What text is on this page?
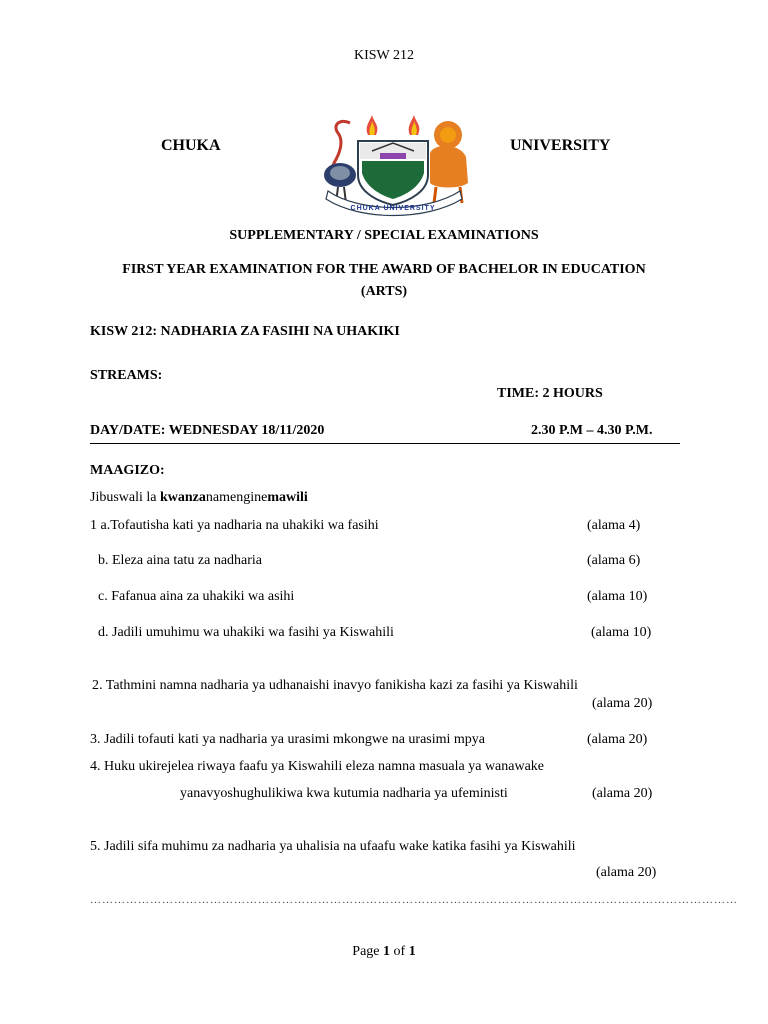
KISW 212
CHUKA	UNIVERSITY
CHUKA UNIVERSITY
SUPPLEMENTARY / SPECIAL EXAMINATIONS
FIRST YEAR EXAMINATION FOR THE AWARD OF BACHELOR IN EDUCATION
(ARTS)
KISW 212: NADHARIA ZA FASIHI NA UHAKIKI
STREAMS:
TIME: 2 HOURS
DAY/DATE: WEDNESDAY 18/11/2020	2.30 P.M – 4.30 P.M.
MAAGIZO:
Jibuswali la kwanzanamenginemawili
1 a.Tofautisha kati ya nadharia na uhakiki wa fasihi	(alama 4)
b. Eleza aina tatu za nadharia	(alama 6)
c. Fafanua aina za uhakiki wa asihi	(alama 10)
d. Jadili umuhimu wa uhakiki wa fasihi ya Kiswahili	(alama 10)
2. Tathmini namna nadharia ya udhanaishi inavyo fanikisha kazi za fasihi ya Kiswahili
(alama 20)
3. Jadili tofauti kati ya nadharia ya urasimi mkongwe na urasimi mpya	(alama 20)
4. Huku ukirejelea riwaya faafu ya Kiswahili eleza namna masuala ya wanawake
yanavyoshughulikiwa kwa kutumia nadharia ya ufeministi	(alama 20)
5. Jadili sifa muhimu za nadharia ya uhalisia na ufaafu wake katika fasihi ya Kiswahili
(alama 20)
………………………………………………………………………………………………………………………………………………
Page 1 of 1
